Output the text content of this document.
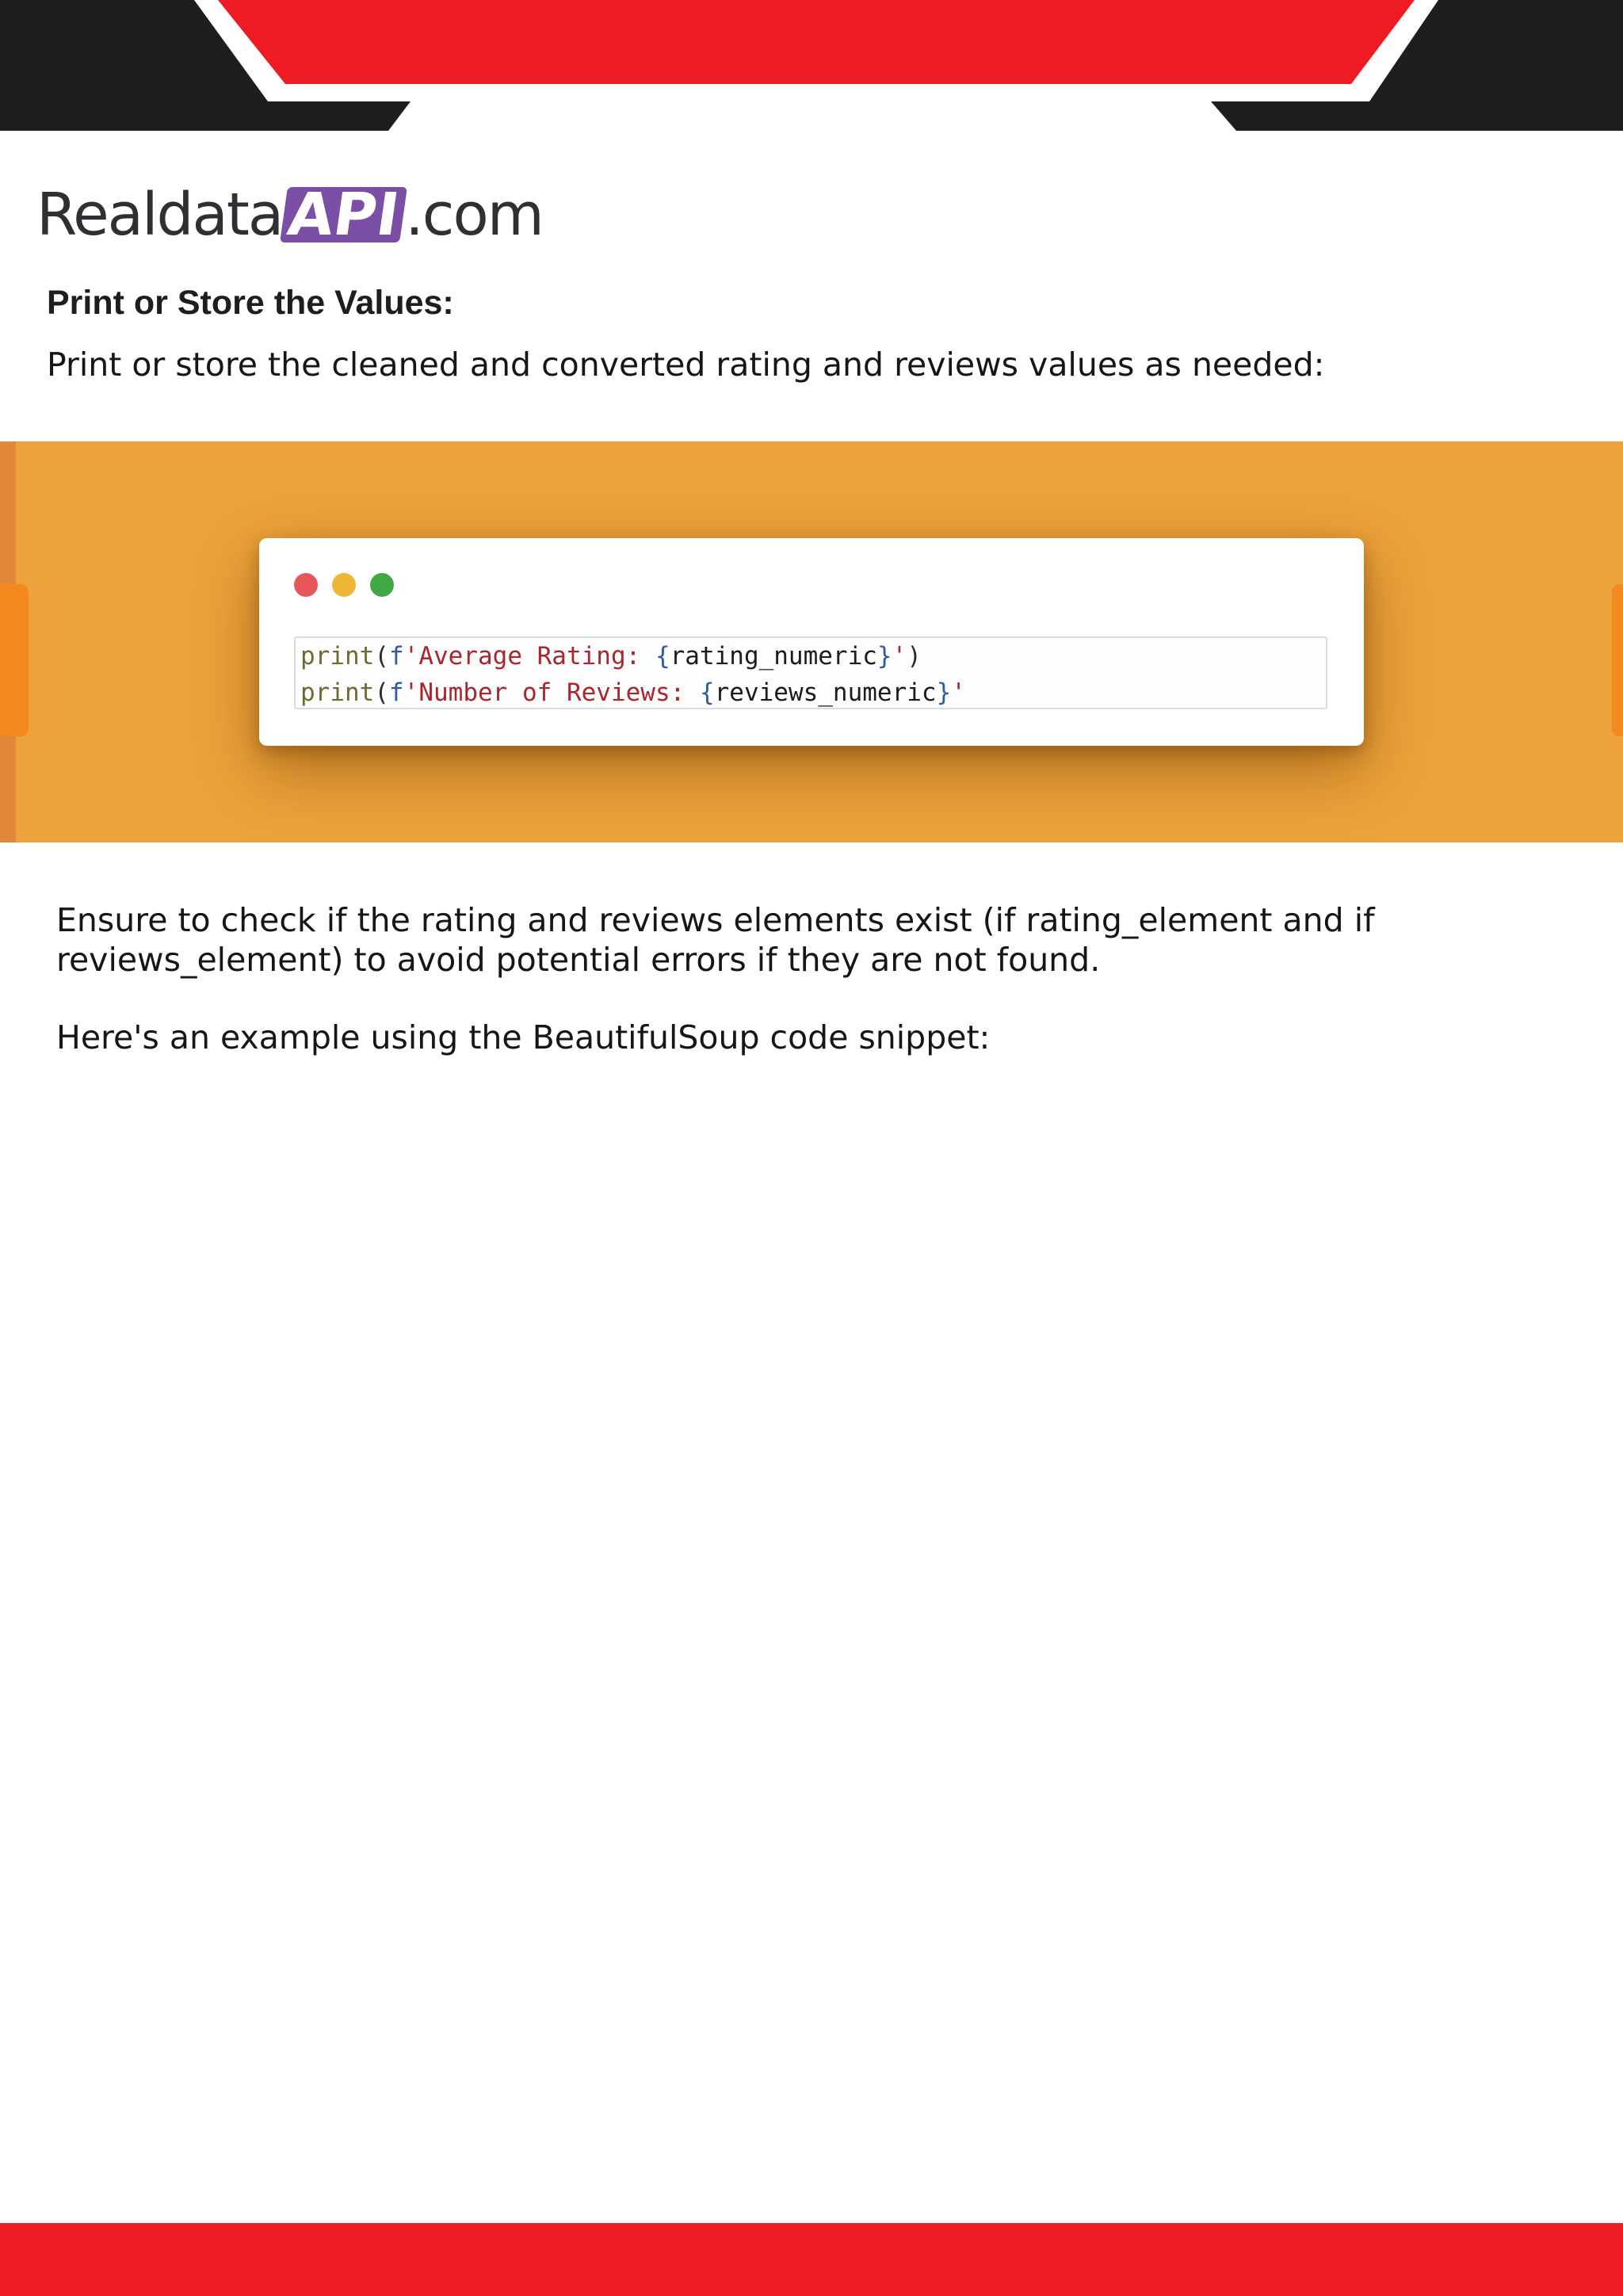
Realdata API .com
Print or Store the Values:
Print or store the cleaned and converted rating and reviews values as needed:
print(f'Average Rating: {rating_numeric}')
print(f'Number of Reviews: {reviews_numeric}'
Ensure to check if the rating and reviews elements exist (if rating_element and if reviews_element) to avoid potential errors if they are not found.
Here's an example using the BeautifulSoup code snippet:
